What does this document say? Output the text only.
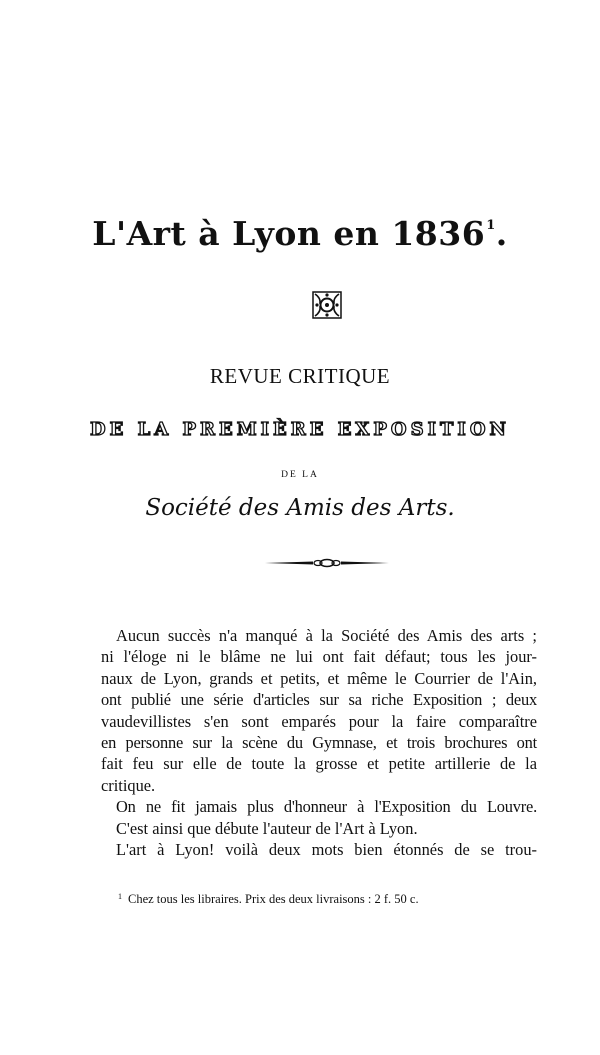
L'Art à Lyon en 1836$^1$.
REVUE CRITIQUE
DE LA PREMIÈRE EXPOSITION
DE LA
Société des Amis des Arts.
Aucun succès n'a manqué à la Société des Amis des arts ;
ni l'éloge ni le blâme ne lui ont fait défaut; tous les jour-
naux de Lyon, grands et petits, et même le Courrier de l'Ain,
ont publié une série d'articles sur sa riche Exposition ; deux
vaudevillistes s'en sont emparés pour la faire comparaître
en personne sur la scène du Gymnase, et trois brochures ont
fait feu sur elle de toute la grosse et petite artillerie de la
critique.
On ne fit jamais plus d'honneur à l'Exposition du Louvre.
C'est ainsi que débute l'auteur de l'Art à Lyon.
L'art à Lyon! voilà deux mots bien étonnés de se trou-
$^1$ Chez tous les libraires. Prix des deux livraisons : 2 f. 50 c.
